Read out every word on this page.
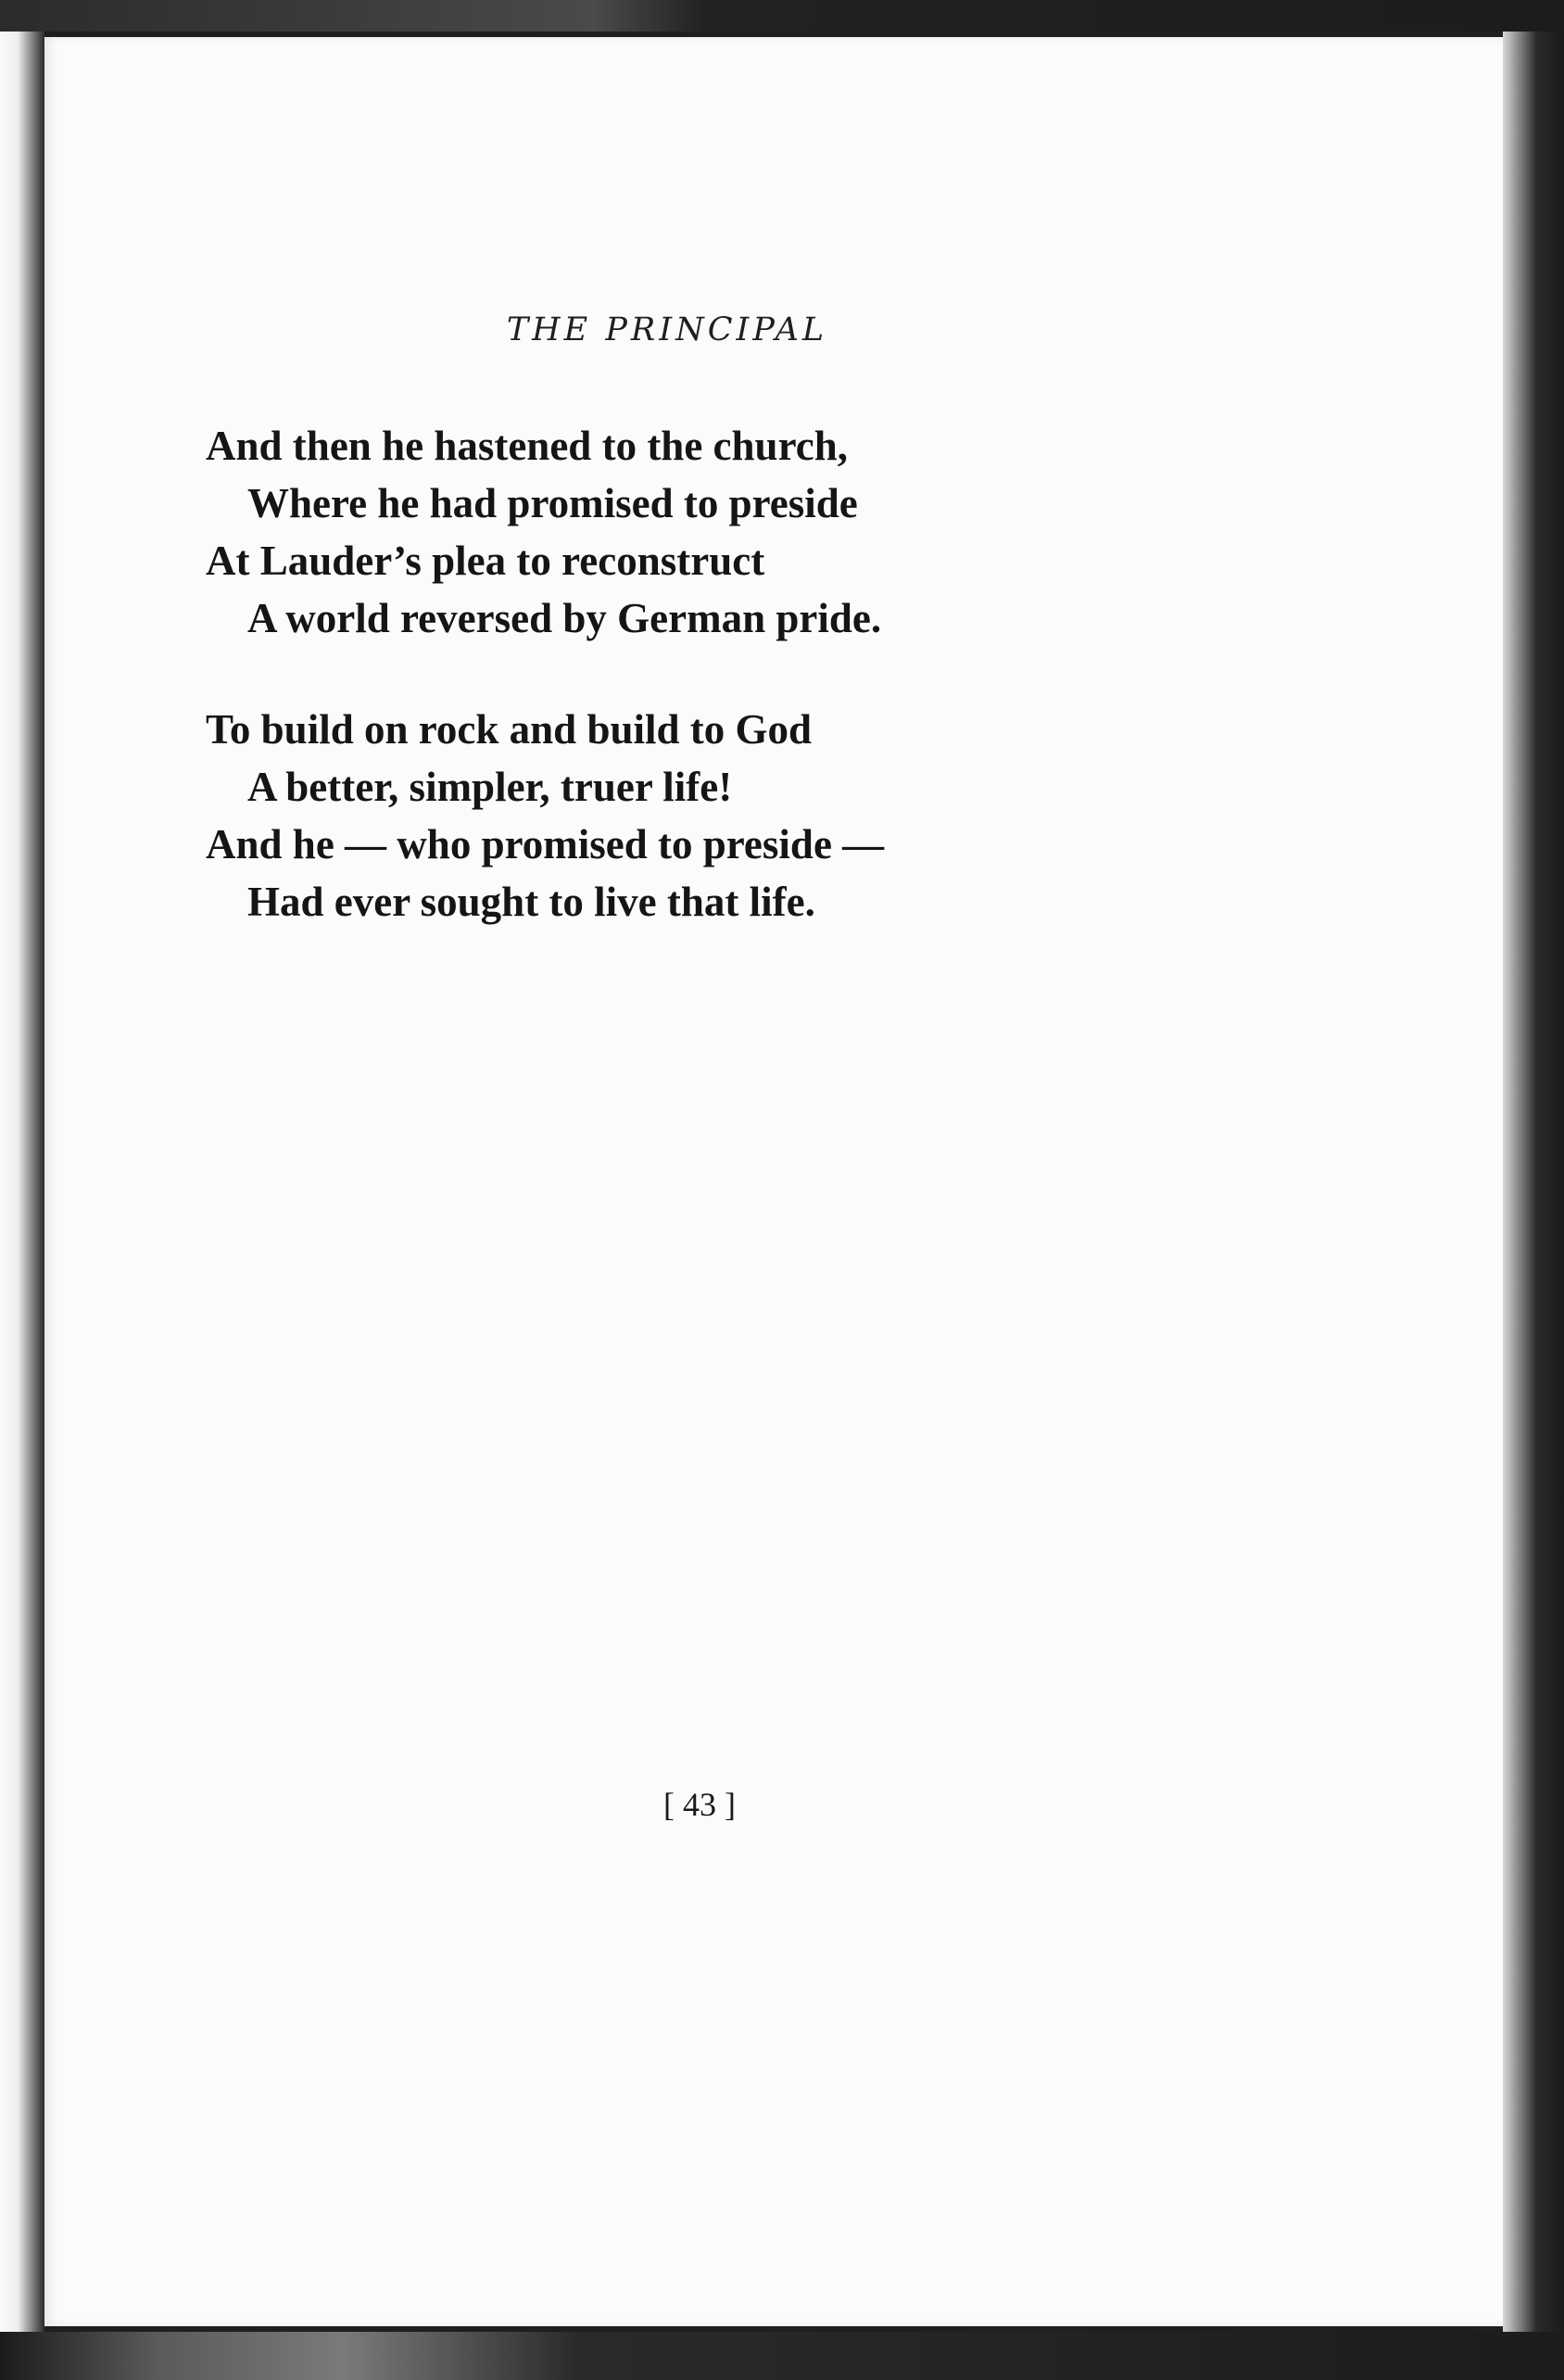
THE PRINCIPAL
And then he hastened to the church,
Where he had promised to preside
At Lauder’s plea to reconstruct
A world reversed by German pride.
To build on rock and build to God
A better, simpler, truer life!
And he — who promised to preside —
Had ever sought to live that life.
[ 43 ]
